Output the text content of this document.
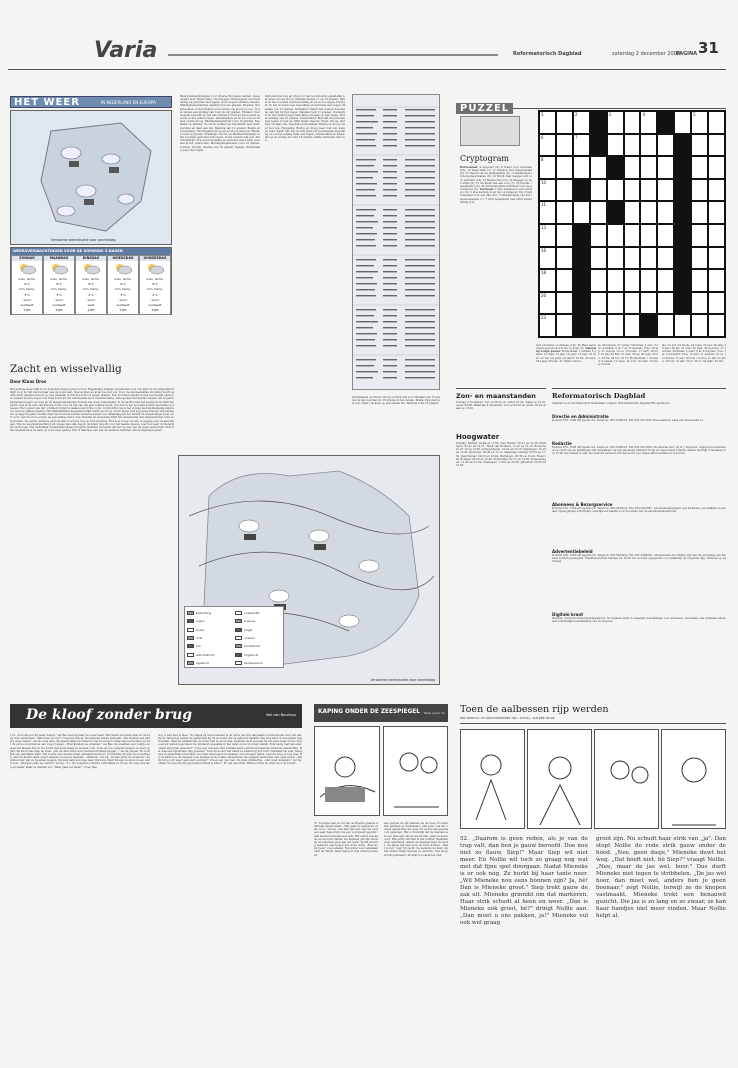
Varia	Reformatorisch Dagblad	zaterdag 2 december 2000
PAGINA 31
HET WEER	IN NEDERLAND EN EUROPA
Verwachte weersituatie voor vanmiddag
WEERSVERWACHTINGEN VOOR DE KOMENDE 5 DAGEN
ZONDAG
max. temp.
9°C
min. temp.
3°C
wind
zuidwest
5 Bft
MAANDAG
max. temp.
8°C
min. temp.
3°C
wind
zuidwest
4 Bft
DINSDAG
max. temp.
8°C
min. temp.
2°C
wind
west
4 Bft
WOENSDAG
max. temp.
9°C
min. temp.
3°C
wind
zuidwest
5 Bft
DONDERDAG
max. temp.
8°C
min. temp.
2°C
wind
zuidwest
4 Bft
Zacht en wisselvallig
Door Klaas Dros
Het grillige weer blijft in de komende dagen gewoon door. Regelmatig trekken regenbuien over ons land en de temperatuur blijft voor de tijd van het jaar aan de hoge kant. Veel wolken en af en toe wat zon. Door de zuidwestelijke stroming wordt zachte lucht aangevoerd en op veel plaatsen wordt het acht tot negen graden. Een storingscomplex boven zee brengt vanaf het westen nieuwe regen. De wind komt uit het zuidwesten en is meestal matig. Aan zee kan het harder waaien. De hogedrukgebieden liggen ver weg en de lagedrukgebieden houden het weer wisselvallig. In de nacht koelt het weinig af en blijft het zacht. Ook in de rest van Europa is het voor de tijd van het jaar relatief zacht, al is het in het noorden kouder met kans op sneeuw. Het oosten van het continent krijgt te maken met lichte vorst. In Zuid-Europa is het zonnig met middagtemperaturen boven de vijftien graden. Het Middellandse Zeegebied blijft warm en droog. In de Alpen valt nog geen sneeuw van betekenis op lage hoogten. Verder naar het noorden komen winterse buien voor. Maandag zet het zachte en wisselvallige weer zich voort, met af en toe regen en een matige wind. Ook dinsdag en woensdag blijft het wisselvallig met temperaturen rond acht graden. De eerste winterse periode laat voorlopig nog op zich wachten. Het is te vroeg om iets te zeggen over de kerstdagen. Wie de weersverwachting wil volgen kan elke dag in de krant terecht voor het laatste nieuws over het weer in Nederland en Europa. Het Koninklijk Nederlands Meteorologisch Instituut verwacht dat het de rest van de week zacht blijft. Ook in het weekeinde is de kans op vorst zeer gering. Het is daarmee een van de zachtste herfsten van de afgelopen jaren.
Weersomstandigheden voor diverse Europese landen, meegedeeld door Weeronline. Noorwegen: Overwegend veel bewolking en perioden met regen, in de hogere streken sneeuw. Middagtemperaturen daarbij rond zes graden. Zweden: Wolkenvelden, in het midden en noorden ook af en toe zon. In het zuiden een middag van rond de vijf graden. Finland: Overwegend bewolkt en van het midden tot het noorden eerst sneeuw, in het zuiden regen. Denemarken: Af en toe zon en vrijwel overal droog. Middagtemperatuur rond 10 graden. Engeland en Ierland: Vooral in Ierland en Schotland veel wind, wel hier en daar een bui. Maxima van 12 graden. België en Luxemburg: Overwegend droog en af en toe wat zon. Maxima rond 12 graden. Frankrijk: Noord- en Midden-Frankrijk: in het noorden perioden met regen, in het westen wat zon. Zuid-Frankrijk: Vrij veel bewolking en perioden met regen, meestal in het zuidoosten. Middagtemperatuur rond 14 graden. Corsica: Zonnig, middag van 16 graden. Spanje: Wisselvallig weer met regen.
Perioden met zon en droog. In het noordoosten geleidelijk wat meer zon en droog. Maxima tussen 11 en 16 graden. Italië: In het noorden veel bewolking en af en toe regen. Portugal: In het noorden veel bewolking en perioden met regen. Maxima van 13 graden. Duitsland: Vanuit het westen bewolkt en van tijd tot tijd regen. Maxima rond 11 graden. Oostenrijk: In het westen meer bewolking en kans op wat regen. In het middag van 10 graden. Zwitserland: Bewolkt en perioden met regen, boven de 1800 meter sneeuw. Polen: Droog, met hier en daar zon. Tsjechië en Slowakije: Rustig en droog weer met zon. Hongarije: Rustig en droog weer met zon, kans op mist. Italië: Van het noordoosten uit toenemende bewolking en vooral zondag flink wat regen. Griekenland en Kreta: Droog en zonnig en rond 18 graden. Malta: Perioden met zon.
Griekenland en Kreta: Droog en flink wat zon. Maxima van 15 graden in het noorden tot 18 graden in het zuiden. Malta: Perioden met zon, maar ook kans op een enkele bui. Maxima rond 18 graden.
bewolking	onbewolkt
regen	sneeuw
buien	hagel
mist	onweer
zon	koudefront
warmtefront	hogedruk
lagedruk	temperatuur
Verwachte weersituatie voor vanmiddag
PUZZEL
Cryptogram
Horizontaal: 4 Gegroet! (6); 6 Sober voor toeristen (10); 10 Veegt flink (7); 11 Stukken met draagvanden (6); 12 Netzot van de plekteplaats (6); 13 Afhandelen in het geheel maken (8); 16 Wordt daar leeggeroofd voor gebruikt (14); 16 Beenvoren (12); 20 Stagger op het water (6); 21 De klerk van een roos (7); 23 Eerder ondeelbaar (10); 24 Veronderstelde middelen voor de grondbouw (6). Verticaal: 1 Niet bemand in een tuinwel (10); 2 Doe kachels doen het op rampen (10); 3 Instrumenten voor een dak (10); 5 Onderkoming van het tegenonsleiden (7); 7 Zich begeleiden met extra bemiddeling (10).
1	2	3	4	5
6	7
8
10
11
13
16
18
20
23
met omdolme voorkeken (10); 22 Baar aanwezend een alcohol in feu te doen (3). Oplossing vorige puzzel: Horizontaal: 1 schaat; 6 gazen; 12 dien; 14 pas; 16 eger; 18 ben; 20 gret; 22 Ne; 24 gent; 24 taurd; 25 ID; 26 ders; 28 Lena; 30 mar; 31 Detta; 34 bre.
ts; 36 bareen; 37 vertes. Verticaal: 2 Ado; 3 vol; 4 stellen; 5 rs; 7 er; 8 spanten; 9 Se; 10 alp; 11 wonde; 13 zo; 15 beter; 17 Gert; 18 loft; 19 tas; 23 RAI; 27 Ade; 29 ee; 30 rete; 32 no; 33 Ne; 34 bri; 35 TT. Horizontaal: 1 woensd; 6 bellen; 12 deze; 14 lont; 16 rent; 18 drug; 20 kilt.
ale; 22 ser; 23 mede; 24 roles; 25 ras; 26 sms; 28 leer; 30 alt; 31 dier; 34 tred; 36 rectrice; 37 roulites. Verticaal: 2 oder; 3 ai; 4 trapten; 5 ne; 7 el; 8 lorebard; 9 lie; 10 erts; 11 lenend; 13 oe; 15 fermes; 17 eer; 18 doll; 19 erre; 21 leb; 22 Jube; 29 kon; 31 adr; 32 ix; 33 ro; 34 talib; 35 bid.
Zon- en maanstanden
Zondag 3 december: zon op 08.35 en onder 16.29; maan op 13.22, onder 00.08. Maandag 4 december: zon op 08.36 en onder 16.28; maan op 13.45.
Hoogwater
Zondag: Delfzijl: 04.49 en 17.04. Den Helder: 08.01 en 21.56. Harlingen: 02.41 en 14.51. Hoek van Holland: 11.45 en 12.16. Rotterdam: 01.16 en 13.48. Scheveningen: 10.42 en 23.16. Vlissingen: 10.10 en 22.45. IJmuiden: 00.08 en 12.15. Maandag: Delfzijl: 05.35 en 17.52. Den Helder: 09.10 en 22.49. Harlingen: 03.36 en 15.42. Hoek van Holland: 00.20 en 12.46. Rotterdam: 02.11 en 14.38. Scheveningen: 11.46 en 23.59. Vlissingen: 11.06 en 23.39. IJmuiden: 00.58 en 13.05.
Reformatorisch Dagblad
Dagblad voor reformatorisch Nederland. Uitgave: Reformatorisch Dagblad BV, Apeldoorn.
Directie en Administratie
Postbus 670, 7300 AR Apeldoorn. Telefoon: 055-5390222. Fax 055-5412288. Bezoekadres: Laan van Westenenk 12.
Redactie
Postbus 670, 7300 AR Apeldoorn. Telefoon: 055-5390222. Fax 055-5412288. Hoofdredacteur: dr. P. J. Vergunst. Adjunct-hoofdredactie en chefs van de afdelingen zijn bereikbaar via het algemene nummer. Kopij en ingezonden brieven dienen uiterlijk 's middags voor 13.00 uur binnen te zijn. De redactie behoudt zich het recht voor ingezonden stukken in te korten.
Abonnees & Bezorgservice
Postbus 670, 7300 AR Apeldoorn. Telefoon: 055-5390222. Fax 055-5416687. Abonnementsprijzen: per kwartaal, per halfjaar en per jaar. Opzeggingen schriftelijk, uiterlijk een maand voor het einde van de abonnementsperiode.
Advertentiebeleid
Postbus 670, 7300 AR Apeldoorn. Telefoon: 055-5390222. Fax 055-5404665. Advertenties die strijdig zijn met de grondslag van het blad worden geweigerd. Familieberichten kunnen tot 16.00 uur worden opgegeven voor plaatsing de volgende dag. Tarieven op aanvraag.
Digitale krant
Website: www.reformatorischdagblad.nl. De digitale krant is dagelijks beschikbaar voor abonnees. Overname van artikelen alleen met schriftelijke toestemming van de uitgever.
De kloof zonder brug	Nel van Nouhuys
110. „Nou die zou hij beter weten," zei Bas toen hij naar de oever keek. Het water stroomde snel en de brug was verdwenen. „Wat doen we nu?" vroeg hij zich af. De anderen keken hem aan. „We moeten een andere weg vinden," zei de oude man. Zij liepen langs de rivier tot het bos begon. Daar was het donker en stil. Af en toe hoorden ze een vogel roepen. „Hier kunnen we schuilen," zei Bas. Ze maakten een vuurtje en aten het laatste brood. De nacht was koud maar ze sliepen toch. Toen de zon opkwam gingen ze weer op pad. De kloof was diep en smal. „Als we hier een boom overheen kunnen leggen..." zei de jongen. Ze zochten een geschikte stam. Het kostte veel moeite maar eindelijk lag hij er. Voorzichtig kropen ze eroverheen. Aan de andere kant stond iemand op hen te wachten. „Welkom," zei hij. „Ik heb jullie al verwacht." Ze wisten niet wat ze moesten zeggen. De man nam hen mee naar zijn huis. Daar kregen ze eten en een warm bed. „Morgen gaan we verder," zei hij. 111. De volgende ochtend vertrokken ze vroeg. De weg was lang en zwaar, maar ze hielden vol. „Waar gaan we heen?" vroeg Bas.
nog 'n end met je mee." Zo zagen zij twee mannen in de verte die zich langzaam voortbewogen door het dal. Op de terugweg waren de gedachten bij de woorden die zij gehoord hadden. Het was alsof er een nieuw begin kwam. Daar de afstand van de rivier niet te groot was, kwamen zij al spoedig bij het punt waar zij de vorige avond waren begonnen. De kinderen speelden in het zand en de vrouwen waren druk bezig met het eten. „Waar zijn jullie geweest?" vroeg een van hen. Het verhaal werd verteld en iedereen luisterde aandachtig. Het was een bijzondere dag geweest. Toen de avond viel zaten ze samen bij het vuur. Niemand zei veel. Ieder was in gedachten verzonken. De oude man begon te spreken over vroeger tijden, toen de brug er nog was. Hij vertelde hoe de mensen toen leefden en hoe alles veranderde. De jongens luisterden met open mond. „Zal de brug ooit weer gebouwd worden?" vroeg een van hen. De man glimlachte. „Dat weet niemand," zei hij. „Maar de weg die wij gevonden hebben is beter." Er viel een stilte. Buiten ruiste de wind door de bomen.
KAPING ONDER DE ZEESPIEGEL Tekst: Jacob Vis
37. Eventjes aan boord van de Heerde gaande Admiraal heerst haast. „Het gaat nu gebeuren, mijn zoon," zei hij. „Als lukt het wel, zijn we over een paar dagen tijd ons een voorspoed gegund." Alle mannen stonden aan dek. Het water was kalm en de lucht helder. De kapitein gaf zijn bevelen en iedereen ging aan het werk. Zodra de brug beheerst was begon het grote werk. „Hier komt Juan," riep iemand. Het schip voer langzaam naar de haven. Daar lagen al veel andere schepen.
een gerpen de vijf mannen en de twee vrouwen hun gezeten en beukelaars. Alle acht, ook Ali, volgen aandachtig het spel. Er wordt veel gepraat en gelachen. Het is duidelijk dat de mannen iets van plan zijn. Als de avond valt, gaan ze aan boord. Het schip vertrekt in het donker. Niemand weet waarheen. Alleen de kapitein kent de koers. Na lange tijd zien ze in de verte lichten. „Daar is het," zegt hij zacht. Ze naderen de kust. Op het strand staan mensen te wachten. Een sloep wordt gestreken. Ali kijkt toe vanaf het dek.
Toen de aalbessen rijp werden
EEN VERHAAL UIT GROOTMOEDERS TIJD • DOOR J. VAN DER VELDE
52. „Daarom is geen reden, als je van de trap valt, dan ben je gauw beroofd. Doe nou niet zo flauw, Siep!" Maar Siep wil niet meer. En Nollie wil toch zo graag nog wat met dat fijne spel doorgaan. Nadat Mieneke is er ook nog. Ze hurkt bij haar tante neer. „Wil Mieneke nou eens bonnen zijn? Ja, hè! Dan is Mieneke groot." Siep trekt gauw de zak uit. Mieneke grinnikt om dat markeren. Haar strik schudt al heen en weer. „Dan is Mieneke ook groot, hè?" dringt Nollie aan. „Dan moet u ons pakken, ja!" Mieneke vul ook wel graag
groot zijn. Nu schudt haar strik van „ja". Dan stopt Nollie de rode strik gauw onder de hoed. „Nee, geen dasje," Mieneke duwt het weg. „Dat hoeft niet, hè Siep?" vraagt Nollie. „Nee, maar de jas wel, hoor." Dus durft Mieneke niet tegen te stribbelen. „De jas wel hoor, dan moet wel, anders ben je geen boenaar," zegt Nollie, terwijl ze de knopen vastmaakt. Mieneke trekt een benauwd gezicht. Die jas is zo lang en zo zwaar, ze kan haar handjes niet meer vinden. Maar Nollie helpt al.
